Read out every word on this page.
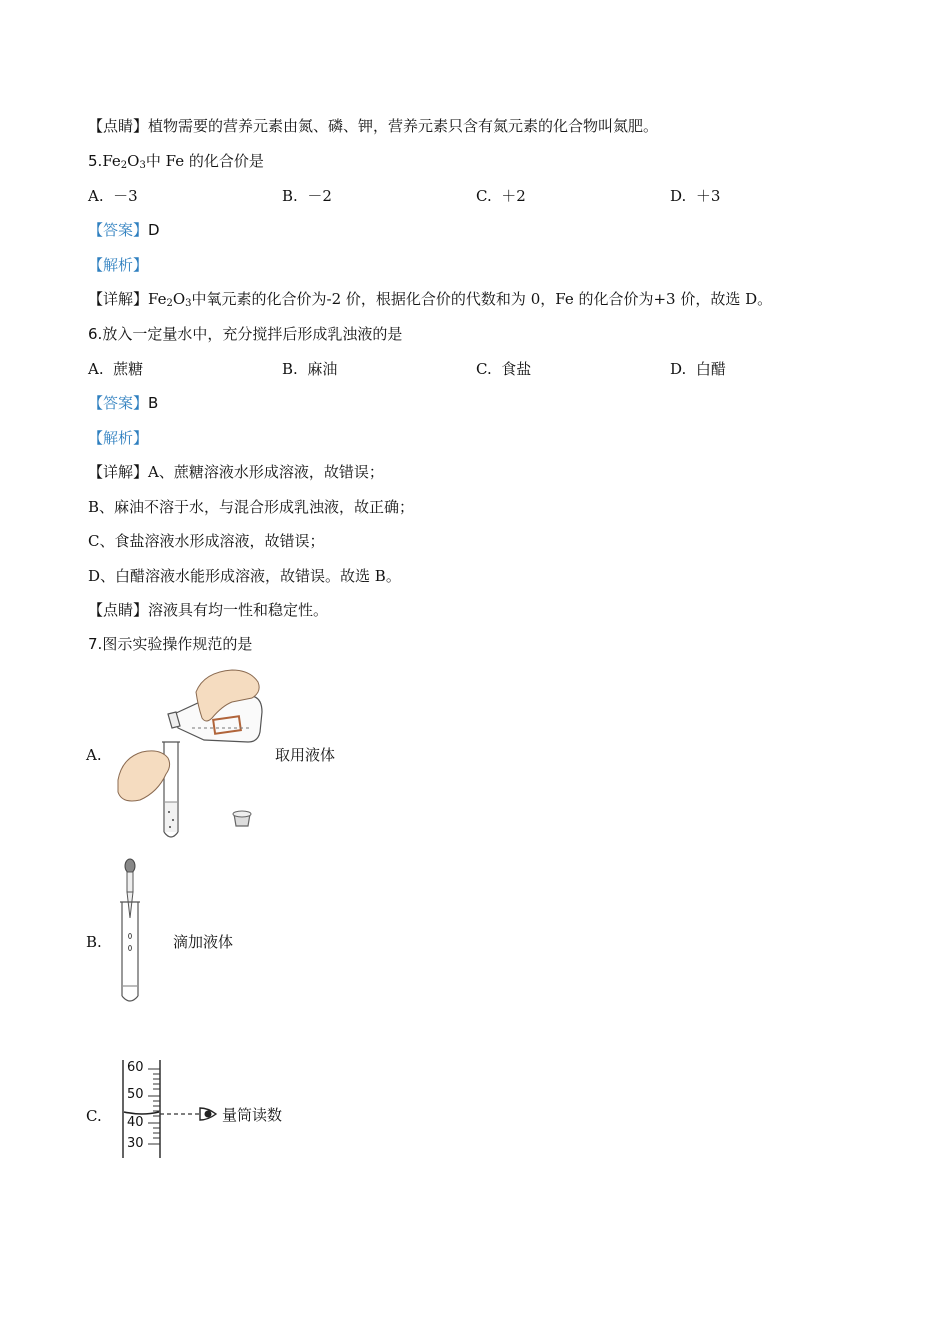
【点睛】植物需要的营养元素由氮、磷、钾，营养元素只含有氮元素的化合物叫氮肥。
$5.Fe_2O_3$中 Fe 的化合价是
A. －3	B. －2	C. ＋2	D. ＋3
【答案】D
【解析】
【详解】$Fe_2O_3$中氧元素的化合价为-2 价，根据化合价的代数和为 0，Fe 的化合价为+3 价，故选 D。
6.放入一定量水中，充分搅拌后形成乳浊液的是
A. 蔗糖	B. 麻油	C. 食盐	D. 白醋
【答案】B
【解析】
【详解】A、蔗糖溶液水形成溶液，故错误；
B、麻油不溶于水，与混合形成乳浊液，故正确；
C、食盐溶液水形成溶液，故错误；
D、白醋溶液水能形成溶液，故错误。故选 B。
【点睛】溶液具有均一性和稳定性。
7.图示实验操作规范的是
A.	取用液体
B.	滴加液体
C.
60
50
40
30
量筒读数
